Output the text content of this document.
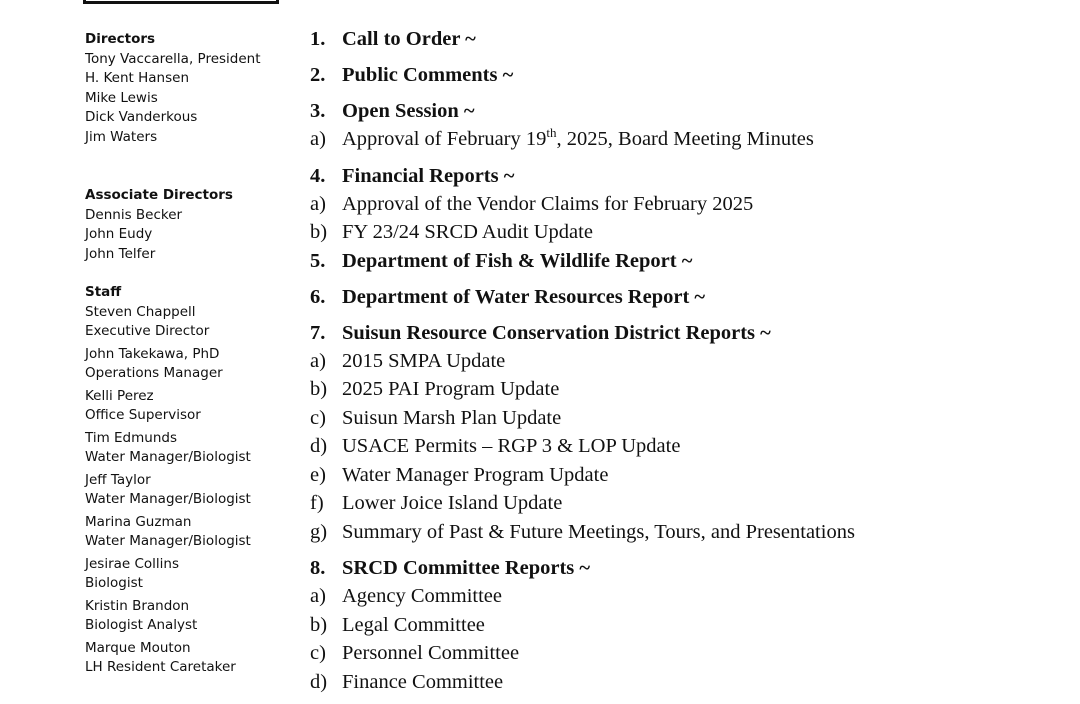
Directors
Tony Vaccarella, President
H. Kent Hansen
Mike Lewis
Dick Vanderkous
Jim Waters
Associate Directors
Dennis Becker
John Eudy
John Telfer
Staff
Steven Chappell
Executive Director
John Takekawa, PhD
Operations Manager
Kelli Perez
Office Supervisor
Tim Edmunds
Water Manager/Biologist
Jeff Taylor
Water Manager/Biologist
Marina Guzman
Water Manager/Biologist
Jesirae Collins
Biologist
Kristin Brandon
Biologist Analyst
Marque Mouton
LH Resident Caretaker
1. Call to Order ~
2. Public Comments ~
3. Open Session ~
a) Approval of February 19th, 2025, Board Meeting Minutes
4. Financial Reports ~
a) Approval of the Vendor Claims for February 2025
b) FY 23/24 SRCD Audit Update
5. Department of Fish & Wildlife Report ~
6. Department of Water Resources Report ~
7. Suisun Resource Conservation District Reports ~
a) 2015 SMPA Update
b) 2025 PAI Program Update
c) Suisun Marsh Plan Update
d) USACE Permits – RGP 3 & LOP Update
e) Water Manager Program Update
f) Lower Joice Island Update
g) Summary of Past & Future Meetings, Tours, and Presentations
8. SRCD Committee Reports ~
a) Agency Committee
b) Legal Committee
c) Personnel Committee
d) Finance Committee
